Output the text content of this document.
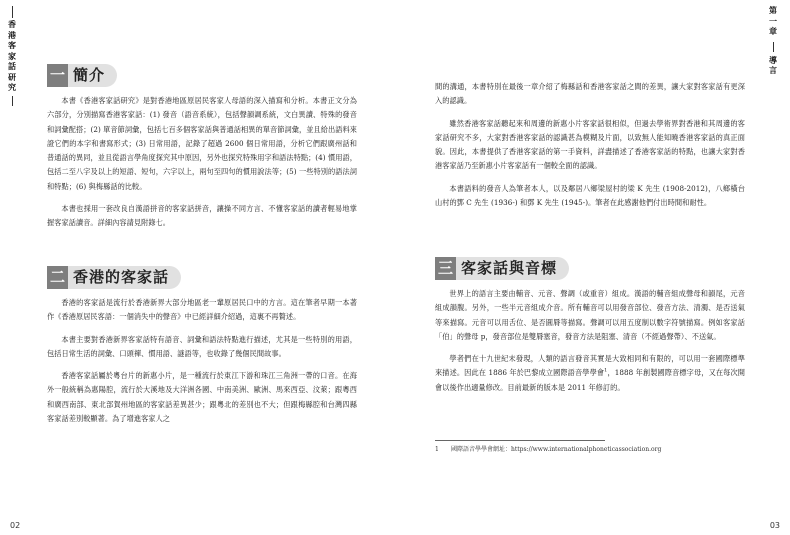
香
港
客
家
話
研
究
一 簡介

本書《香港客家話研究》是對香港地區原居民客家人母語的深入描寫和分析。本書正文分為六部分，分別描寫香港客家話：(1) 發音（語音系統），包括聲韻調系統，文白異讀、特殊的發音和詞彙配搭；(2) 單音節詞彙，包括七百多個客家話與普通話相異的單音節詞彙，並且給出語料來證它們的本字和書寫形式；(3) 日常用語，記錄了超過 2600 個日常用語，分析它們跟廣州話和普通話的異同，並且從語言學角度探究其中原因，另外也探究特殊用字和語法特點；(4) 慣用語，包括二至八字及以上的短語、短句，六字以上，兩句至四句的慣用說法等；(5) 一些特別的語法詞和特點；(6) 與梅縣話的比較。

本書也採用一套改良自漢語拼音的客家話拼音，讓操不同方言、不懂客家話的讀者輕易地掌握客家話讀音。詳細內容請見附錄七。

二 香港的客家話

香港的客家話是流行於香港新界大部分地區老一輩原居民口中的方言。這在筆者早期一本著作《香港原居民客語：一個消失中的聲音》中已經詳細介紹過，這裏不再贅述。

本書主要對香港新界客家話特有語音、詞彙和語法特點進行描述，尤其是一些特別的用語，包括日常生活的詞彙、口頭禪、慣用語、謎語等，也收錄了幾個民間故事。

香港客家話屬於粵台片的新惠小片，是一種流行於東江下游和珠江三角洲一帶的口音。在海外一般統稱為惠陽腔，流行於大溪地及大洋洲各國、中南美洲、歐洲、馬來西亞、汶萊；跟粵西和廣西南部、東北部賀州地區的客家話差異甚少；跟粵北的差別也不大；但跟梅縣腔和台灣四縣客家話差別較顯著。為了增進客家人之

02
第
一
章
導
言

間的溝通，本書特別在最後一章介紹了梅縣話和香港客家話之間的差異，讓大家對客家話有更深入的認識。

雖然香港客家話聽起來和周邊的新惠小片客家話很相似，但過去學術界對香港和其周邊的客家話研究不多，大家對香港客家話的認識甚為模糊及片面，以致無人能知曉香港客家話的真正面貌。因此，本書提供了香港客家話的第一手資料，詳盡描述了香港客家話的特點，也讓大家對香港客家話乃至新惠小片客家話有一個較全面的認識。

本書語料的發音人為筆者本人，以及鄰居八鄉梁屋村的梁 K 先生 (1908-2012)，八鄉橫台山村的鄧 C 先生 (1936-) 和鄧 K 先生 (1945-)。筆者在此感謝他們付出時間和耐性。

三 客家話與音標

世界上的語言主要由輔音、元音、聲調（或重音）組成。漢語的輔音組成聲母和韻尾，元音組成韻腹。另外，一些半元音組成介音。所有輔音可以用發音部位、發音方法、清濁、是否送氣等來描寫。元音可以用舌位、是否圓脣等描寫。聲調可以用五度制以數字符號描寫。例如客家話「伯」的聲母 p，發音部位是雙脣塞音，發音方法是阻塞、清音（不經過聲帶）、不送氣。

學者們在十九世紀末發現，人類的語言發音其實是大致相同和有限的，可以用一套國際標準來描述。因此在 1886 年於巴黎成立國際語音學學會$^1$，1888 年創製國際音標字母，又在每次開會以後作出適量修改。目前最新的版本是 2011 年修訂的。

1 國際語音學學會網址：https://www.internationalphoneticassociation.org
03
